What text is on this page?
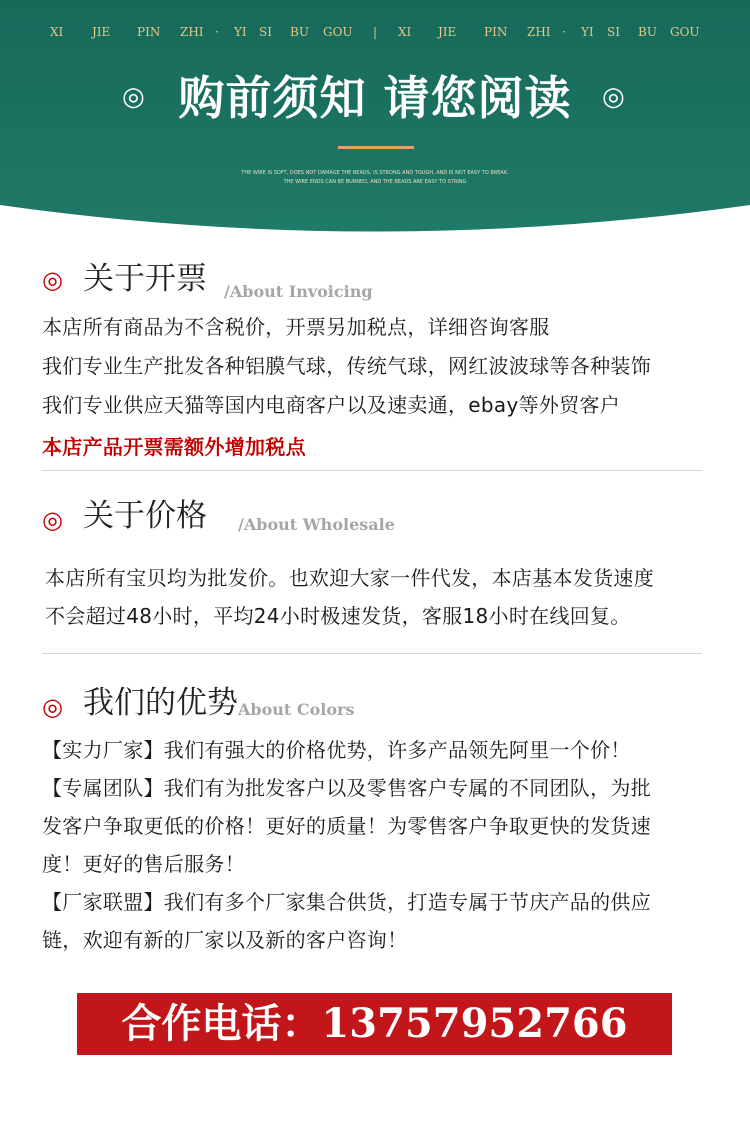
XI JIE PIN ZHI · YI SI BU GOU | XI JIE PIN ZHI · YI SI BU GOU
◎ 购前须知 请您阅读	◎
THE WIRE IS SOFT, DOES NOT DAMAGE THE BEADS, IS STRONG AND TOUGH, AND IS NOT EASY TO BREAK.
THE WIRE ENDS CAN BE BURNED, AND THE BEADS ARE EASY TO STRING
◎ 关于开票 /About Invoicing
本店所有商品为不含税价，开票另加税点，详细咨询客服
我们专业生产批发各种铝膜气球，传统气球，网红波波球等各种装饰
我们专业供应天猫等国内电商客户以及速卖通，ebay等外贸客户
本店产品开票需额外增加税点
◎ 关于价格 /About Wholesale
本店所有宝贝均为批发价。也欢迎大家一件代发，本店基本发货速度
不会超过48小时，平均24小时极速发货，客服18小时在线回复。
◎ 我们的优势 About Colors
【实力厂家】我们有强大的价格优势，许多产品领先阿里一个价！
【专属团队】我们有为批发客户以及零售客户专属的不同团队，为批
发客户争取更低的价格！更好的质量！为零售客户争取更快的发货速
度！更好的售后服务！
【厂家联盟】我们有多个厂家集合供货，打造专属于节庆产品的供应
链，欢迎有新的厂家以及新的客户咨询！
合作电话：13757952766
